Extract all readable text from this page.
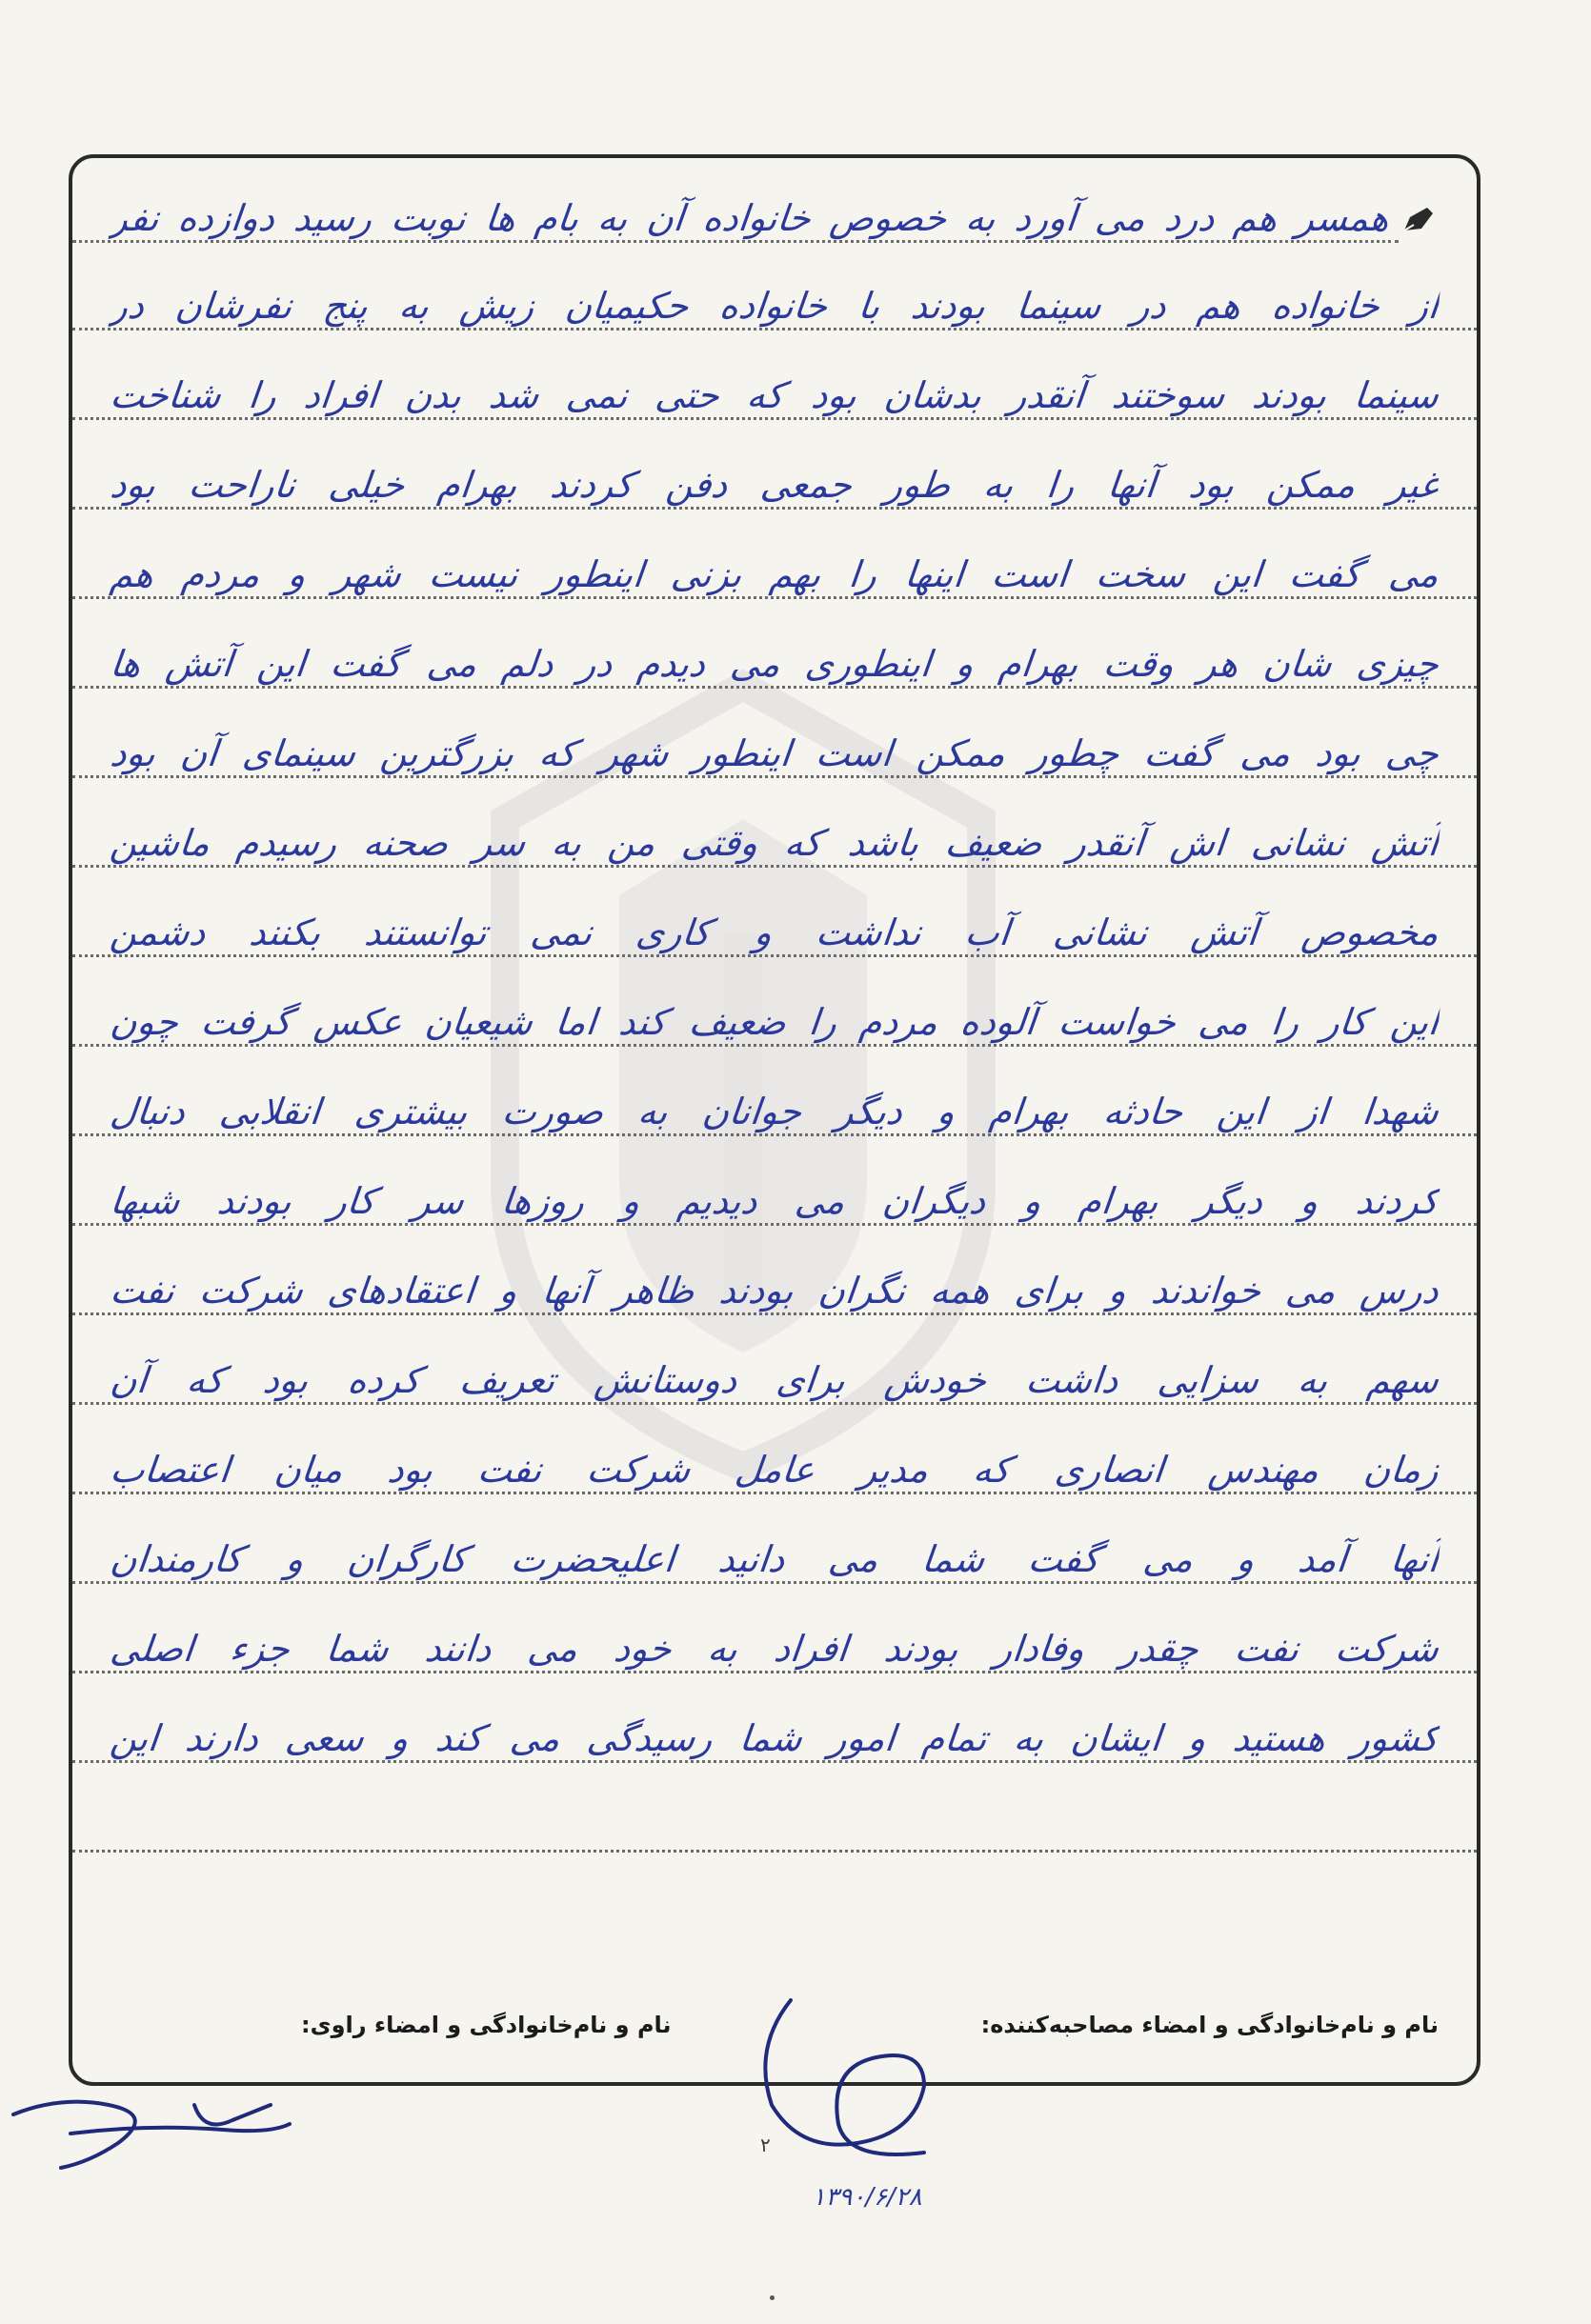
همسر هم درد می آورد به خصوص خانواده آن به بام ها نوبت رسید دوازده نفر
از خانواده هم در سینما بودند با خانواده حکیمیان زیش به پنج نفرشان در
سینما بودند سوختند آنقدر بدشان بود که حتی نمی شد بدن افراد را شناخت
غیر ممکن بود آنها را به طور جمعی دفن کردند بهرام خیلی ناراحت بود
می گفت این سخت است اینها را بهم بزنی اینطور نیست شهر و مردم هم
چیزی شان هر وقت بهرام و اینطوری می دیدم در دلم می گفت این آتش ها
چی بود می گفت چطور ممکن است اینطور شهر که بزرگترین سینمای آن بود
آتش نشانی اش آنقدر ضعیف باشد که وقتی من به سر صحنه رسیدم ماشین
مخصوص آتش نشانی آب نداشت و کاری نمی توانستند بکنند دشمن
این کار را می خواست آلوده مردم را ضعیف کند اما شیعیان عکس گرفت چون
شهدا از این حادثه بهرام و دیگر جوانان به صورت بیشتری انقلابی دنبال
کردند و دیگر بهرام و دیگران می دیدیم و روزها سر کار بودند شبها
درس می خواندند و برای همه نگران بودند ظاهر آنها و اعتقادهای شرکت نفت
سهم به سزایی داشت خودش برای دوستانش تعریف کرده بود که آن
زمان مهندس انصاری که مدیر عامل شرکت نفت بود میان اعتصاب
آنها آمد و می گفت شما می دانید اعلیحضرت کارگران و کارمندان
شرکت نفت چقدر وفادار بودند افراد به خود می دانند شما جزء اصلی
کشور هستید و ایشان به تمام امور شما رسیدگی می کند و سعی دارند این
نام و نام‌خانوادگی و امضاء مصاحبه‌کننده:
نام و نام‌خانوادگی و امضاء راوی:
۲
۱۳۹۰/۶/۲۸
